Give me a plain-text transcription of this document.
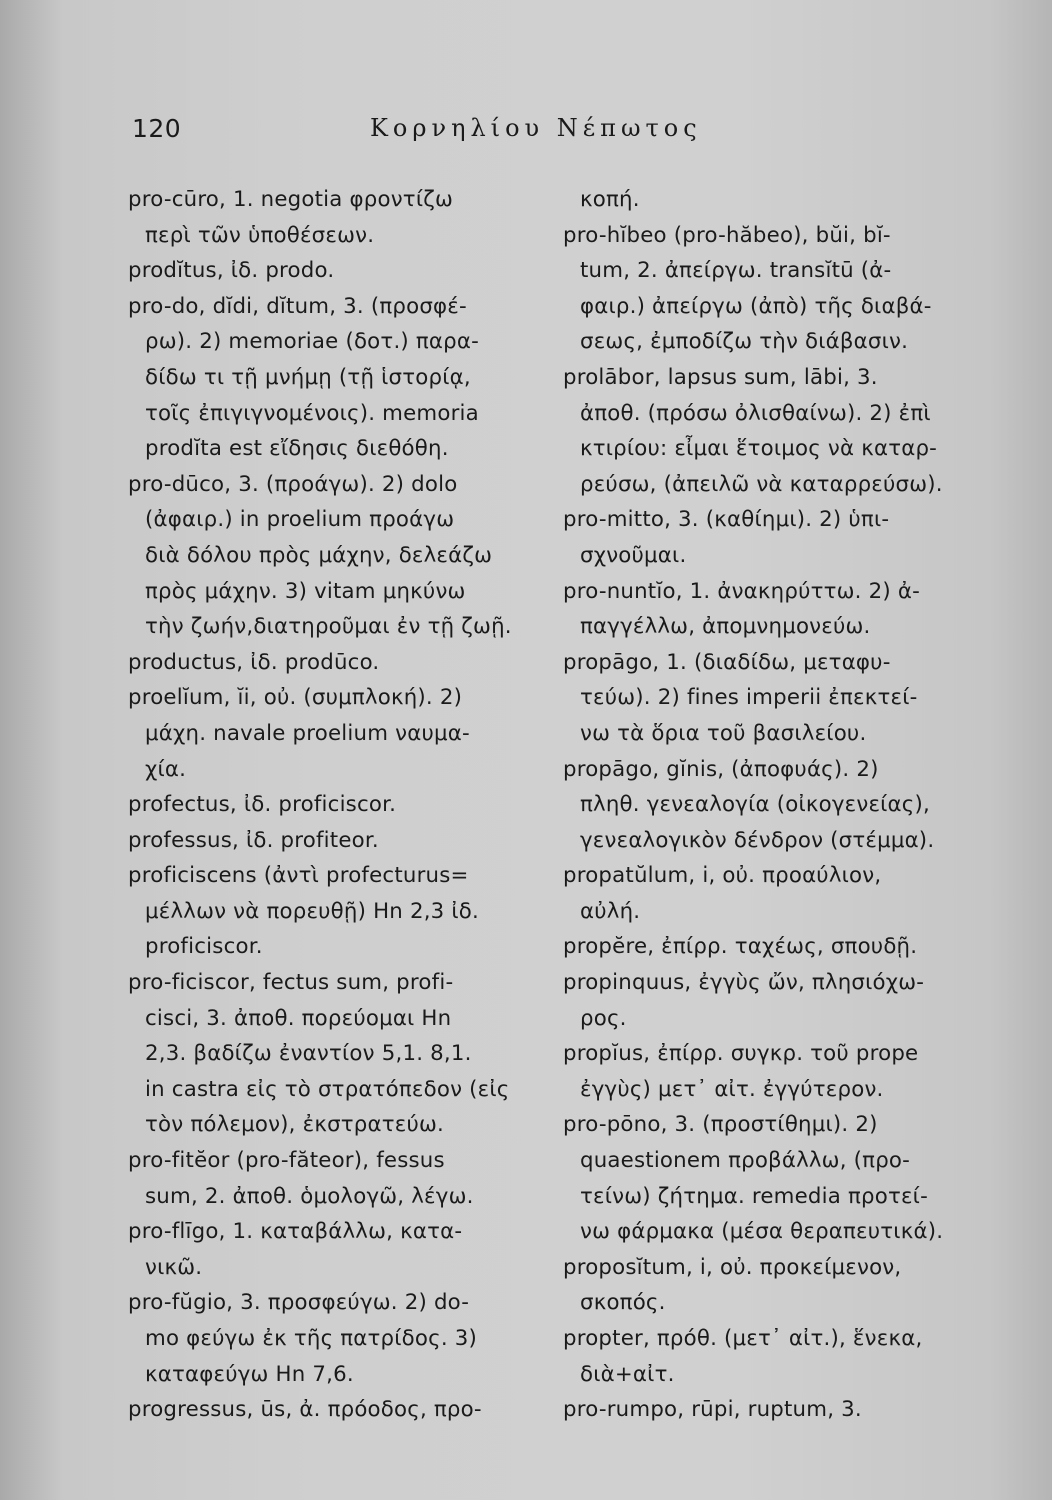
120	Κορνηλίου Νέπωτος
pro-cūro, 1. negotia φροντίζω
περὶ τῶν ὑποθέσεων.
prodĭtus, ἰδ. prodo.
pro-do, dĭdi, dĭtum, 3. (προσφέ-
ρω). 2) memoriae (δοτ.) παρα-
δίδω τι τῇ μνήμῃ (τῇ ἱστορίᾳ,
τοῖς ἐπιγιγνομένοις). memoria
prodĭta est εἴδησις διεθόθη.
pro-dūco, 3. (προάγω). 2) dolo
(ἀφαιρ.) in proelium προάγω
διὰ δόλου πρὸς μάχην, δελεάζω
πρὸς μάχην. 3) vitam μηκύνω
τὴν ζωήν,διατηροῦμαι ἐν τῇ ζωῇ.
productus, ἰδ. prodūco.
proelĭum, ĭi, οὐ. (συμπλοκή). 2)
μάχη. navale proelium ναυμα-
χία.
profectus, ἰδ. proficiscor.
professus, ἰδ. profiteor.
proficiscens (ἀντὶ profecturus=
μέλλων νὰ πορευθῇ) Hn 2,3 ἰδ.
proficiscor.
pro-ficiscor, fectus sum, profi-
cisci, 3. ἀποθ. πορεύομαι Hn
2,3. βαδίζω ἐναντίον 5,1. 8,1.
in castra εἰς τὸ στρατόπεδον (εἰς
τὸν πόλεμον), ἐκστρατεύω.
pro-fitĕor (pro-făteor), fessus
sum, 2. ἀποθ. ὁμολογῶ, λέγω.
pro-flīgo, 1. καταβάλλω, κατα-
νικῶ.
pro-fŭgio, 3. προσφεύγω. 2) do-
mo φεύγω ἐκ τῆς πατρίδος. 3)
καταφεύγω Hn 7,6.
progressus, ūs, ἀ. πρόοδος, προ-
κοπή.
pro-hĭbeo (pro-hăbeo), bŭi, bĭ-
tum, 2. ἀπείργω. transĭtū (ἀ-
φαιρ.) ἀπείργω (ἀπὸ) τῆς διαβά-
σεως, ἐμποδίζω τὴν διάβασιν.
prolābor, lapsus sum, lābi, 3.
ἀποθ. (πρόσω ὀλισθαίνω). 2) ἐπὶ
κτιρίου: εἶμαι ἕτοιμος νὰ καταρ-
ρεύσω, (ἀπειλῶ νὰ καταρρεύσω).
pro-mitto, 3. (καθίημι). 2) ὑπι-
σχνοῦμαι.
pro-nuntĭo, 1. ἀνακηρύττω. 2) ἀ-
παγγέλλω, ἀπομνημονεύω.
propāgo, 1. (διαδίδω, μεταφυ-
τεύω). 2) fines imperii ἐπεκτεί-
νω τὰ ὅρια τοῦ βασιλείου.
propāgo, gĭnis, (ἀποφυάς). 2)
πληθ. γενεαλογία (οἰκογενείας),
γενεαλογικὸν δένδρον (στέμμα).
propatŭlum, i, οὐ. προαύλιον,
αὐλή.
propĕre, ἐπίρρ. ταχέως, σπουδῇ.
propinquus, ἐγγὺς ὤν, πλησιόχω-
ρος.
propĭus, ἐπίρρ. συγκρ. τοῦ prope
ἐγγὺς) μετ᾽ αἰτ. ἐγγύτερον.
pro-pōno, 3. (προστίθημι). 2)
quaestionem προβάλλω, (προ-
τείνω) ζήτημα. remedia προτεί-
νω φάρμακα (μέσα θεραπευτικά).
proposĭtum, i, οὐ. προκείμενον,
σκοπός.
propter, πρόθ. (μετ᾽ αἰτ.), ἕνεκα,
διὰ+αἰτ.
pro-rumpo, rūpi, ruptum, 3.
